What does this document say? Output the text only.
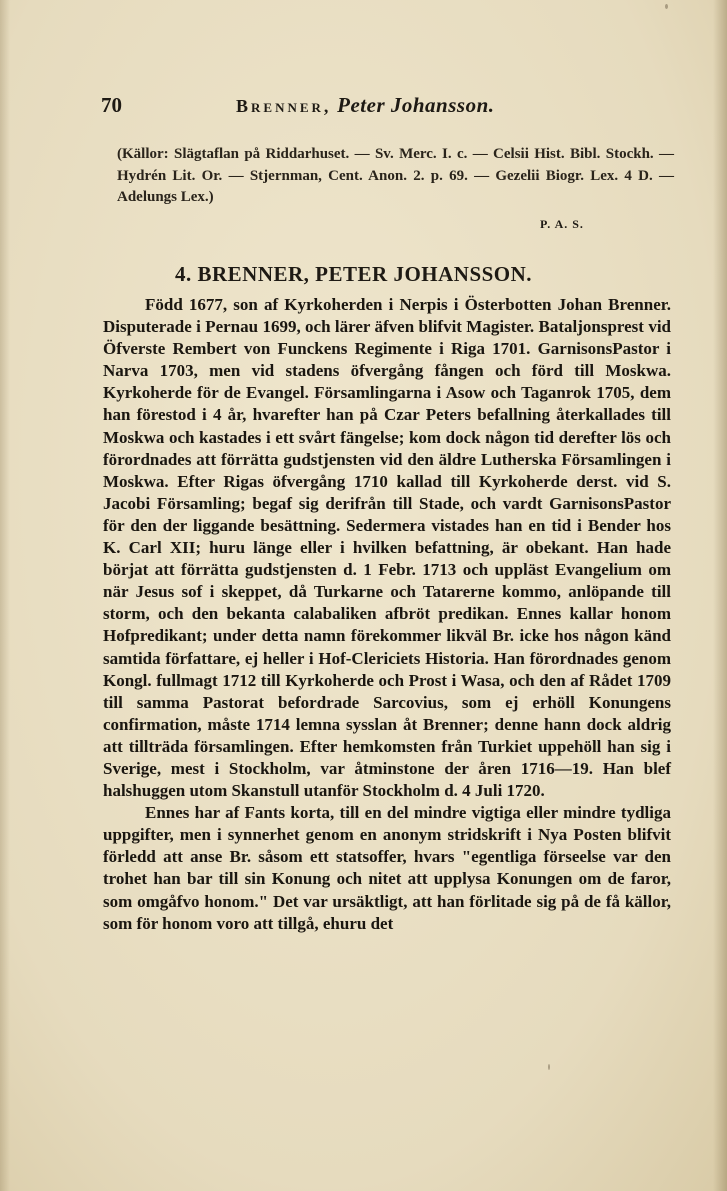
70	Brenner, Peter Johansson.
(Källor: Slägtaflan på Riddarhuset. — Sv. Merc. I. c. — Celsii Hist. Bibl. Stockh. — Hydrén Lit. Or. — Stjernman, Cent. Anon. 2. p. 69. — Gezelii Biogr. Lex. 4 D. — Adelungs Lex.)
P. A. S.
4. BRENNER, PETER JOHANSSON.

Född 1677, son af Kyrkoherden i Nerpis i Österbotten Johan Brenner. Disputerade i Pernau 1699, och lärer äfven blifvit Magister. Bataljonsprest vid Öfverste Rembert von Funckens Regimente i Riga 1701. GarnisonsPastor i Narva 1703, men vid stadens öfvergång fången och förd till Moskwa. Kyrkoherde för de Evangel. Församlingarna i Asow och Taganrok 1705, dem han förestod i 4 år, hvarefter han på Czar Peters befallning återkallades till Moskwa och kastades i ett svårt fängelse; kom dock någon tid derefter lös och förordnades att förrätta gudstjensten vid den äldre Lutherska Församlingen i Moskwa. Efter Rigas öfvergång 1710 kallad till Kyrkoherde derst. vid S. Jacobi Församling; begaf sig derifrån till Stade, och vardt GarnisonsPastor för den der liggande besättning. Sedermera vistades han en tid i Bender hos K. Carl XII; huru länge eller i hvilken befattning, är obekant. Han hade börjat att förrätta gudstjensten d. 1 Febr. 1713 och uppläst Evangelium om när Jesus sof i skeppet, då Turkarne och Tatarerne kommo, anlöpande till storm, och den bekanta calabaliken afbröt predikan. Ennes kallar honom Hofpredikant; under detta namn förekommer likväl Br. icke hos någon känd samtida författare, ej heller i Hof-Clericiets Historia. Han förordnades genom Kongl. fullmagt 1712 till Kyrkoherde och Prost i Wasa, och den af Rådet 1709 till samma Pastorat befordrade Sarcovius, som ej erhöll Konungens confirmation, måste 1714 lemna sysslan åt Brenner; denne hann dock aldrig att tillträda församlingen. Efter hemkomsten från Turkiet uppehöll han sig i Sverige, mest i Stockholm, var åtminstone der åren 1716—19. Han blef halshuggen utom Skanstull utanför Stockholm d. 4 Juli 1720.

Ennes har af Fants korta, till en del mindre vigtiga eller mindre tydliga uppgifter, men i synnerhet genom en anonym stridskrift i Nya Posten blifvit förledd att anse Br. såsom ett statsoffer, hvars "egentliga förseelse var den trohet han bar till sin Konung och nitet att upplysa Konungen om de faror, som omgåfvo honom." Det var ursäktligt, att han förlitade sig på de få källor, som för honom voro att tillgå, ehuru det
